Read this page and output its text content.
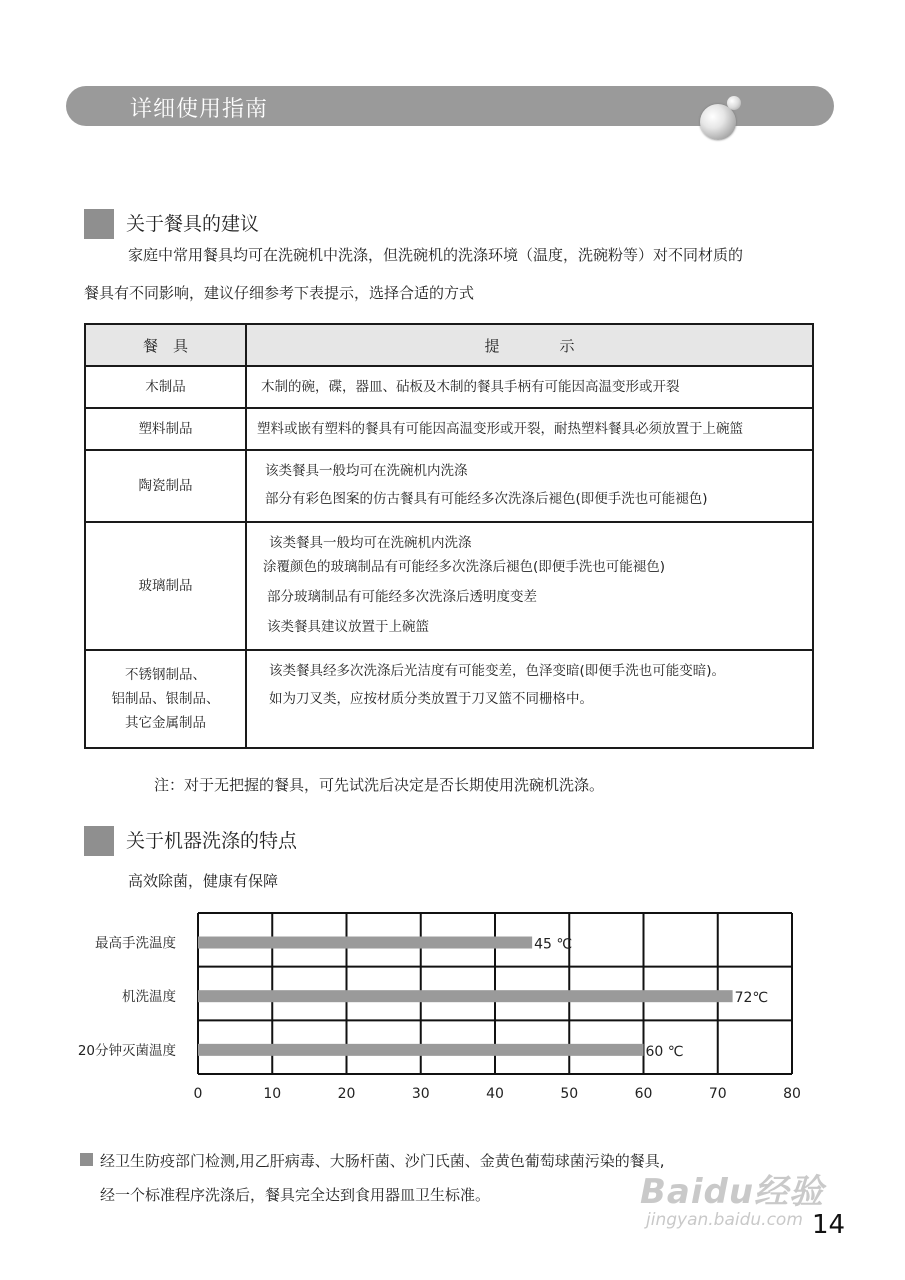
详细使用指南
关于餐具的建议
家庭中常用餐具均可在洗碗机中洗涤，但洗碗机的洗涤环境（温度，洗碗粉等）对不同材质的
餐具有不同影响，建议仔细参考下表提示，选择合适的方式
餐　具	提　　　　示
木制品	木制的碗，碟，器皿、砧板及木制的餐具手柄有可能因高温变形或开裂

塑料制品	塑料或嵌有塑料的餐具有可能因高温变形或开裂，耐热塑料餐具必须放置于上碗篮

陶瓷制品	该类餐具一般均可在洗碗机内洗涤
部分有彩色图案的仿古餐具有可能经多次洗涤后褪色(即便手洗也可能褪色)

玻璃制品	该类餐具一般均可在洗碗机内洗涤
涂覆颜色的玻璃制品有可能经多次洗涤后褪色(即便手洗也可能褪色)
部分玻璃制品有可能经多次洗涤后透明度变差
该类餐具建议放置于上碗篮

不锈钢制品、
铝制品、银制品、
其它金属制品	该类餐具经多次洗涤后光洁度有可能变差，色泽变暗(即便手洗也可能变暗)。
如为刀叉类，应按材质分类放置于刀叉篮不同栅格中。
注：对于无把握的餐具，可先试洗后决定是否长期使用洗碗机洗涤。
关于机器洗涤的特点
高效除菌，健康有保障
45 ℃
最高手洗温度
72℃
机洗温度
60 ℃
20分钟灭菌温度
0	10	20	30	40	50	60	70	80
经卫生防疫部门检测,用乙肝病毒、大肠杆菌、沙门氏菌、金黄色葡萄球菌污染的餐具,
经一个标准程序洗涤后，餐具完全达到食用器皿卫生标准。	Baidu经验
jingyan.baidu.com 14
